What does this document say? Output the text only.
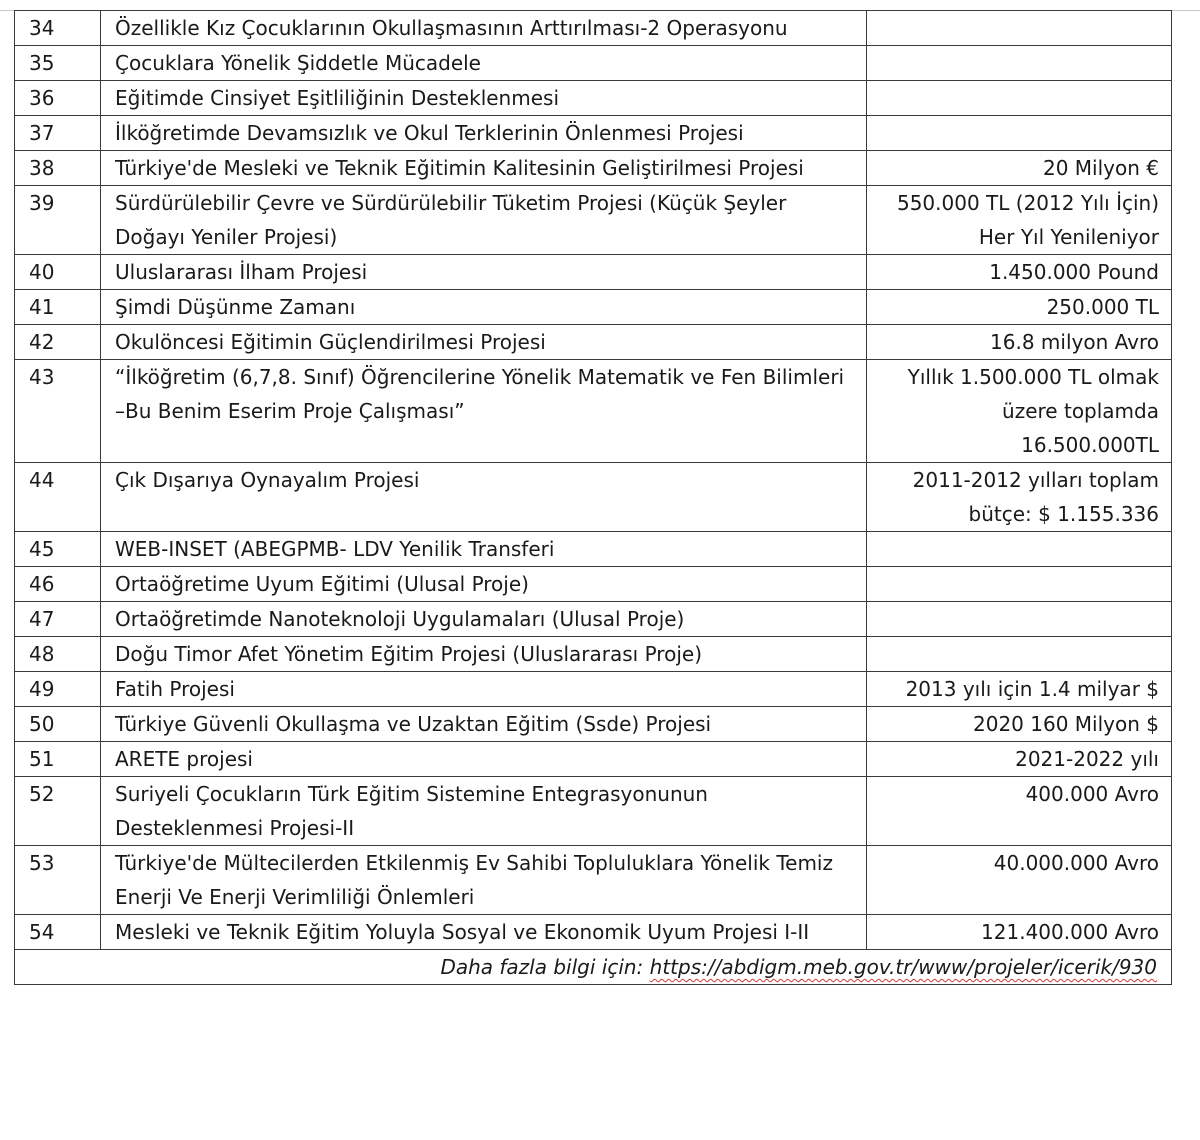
34	Özellikle Kız Çocuklarının Okullaşmasının Arttırılması-2 Operasyonu	
35	Çocuklara Yönelik Şiddetle Mücadele	
36	Eğitimde Cinsiyet Eşitliliğinin Desteklenmesi	
37	İlköğretimde Devamsızlık ve Okul Terklerinin Önlenmesi Projesi	
38	Türkiye'de Mesleki ve Teknik Eğitimin Kalitesinin Geliştirilmesi Projesi	20 Milyon €
39	Sürdürülebilir Çevre ve Sürdürülebilir Tüketim Projesi (Küçük Şeyler Doğayı Yeniler Projesi)	550.000 TL (2012 Yılı İçin) Her Yıl Yenileniyor
40	Uluslararası İlham Projesi	1.450.000 Pound
41	Şimdi Düşünme Zamanı	250.000 TL
42	Okulöncesi Eğitimin Güçlendirilmesi Projesi	16.8 milyon Avro
43	“İlköğretim (6,7,8. Sınıf) Öğrencilerine Yönelik Matematik ve Fen Bilimleri –Bu Benim Eserim Proje Çalışması”	Yıllık 1.500.000 TL olmak üzere toplamda 16.500.000TL
44	Çık Dışarıya Oynayalım Projesi	2011-2012 yılları toplam bütçe: $ 1.155.336
45	WEB-INSET (ABEGPMB- LDV Yenilik Transferi	
46	Ortaöğretime Uyum Eğitimi (Ulusal Proje)	
47	Ortaöğretimde Nanoteknoloji Uygulamaları (Ulusal Proje)	
48	Doğu Timor Afet Yönetim Eğitim Projesi (Uluslararası Proje)	
49	Fatih Projesi	2013 yılı için 1.4 milyar $
50	Türkiye Güvenli Okullaşma ve Uzaktan Eğitim (Ssde) Projesi	2020 160 Milyon $
51	ARETE projesi	2021-2022 yılı
52	Suriyeli Çocukların Türk Eğitim Sistemine Entegrasyonunun Desteklenmesi Projesi-II	400.000 Avro
53	Türkiye'de Mültecilerden Etkilenmiş Ev Sahibi Topluluklara Yönelik Temiz Enerji Ve Enerji Verimliliği Önlemleri	40.000.000 Avro
54	Mesleki ve Teknik Eğitim Yoluyla Sosyal ve Ekonomik Uyum Projesi I-II	121.400.000 Avro
Daha fazla bilgi için: https://abdigm.meb.gov.tr/www/projeler/icerik/930		
